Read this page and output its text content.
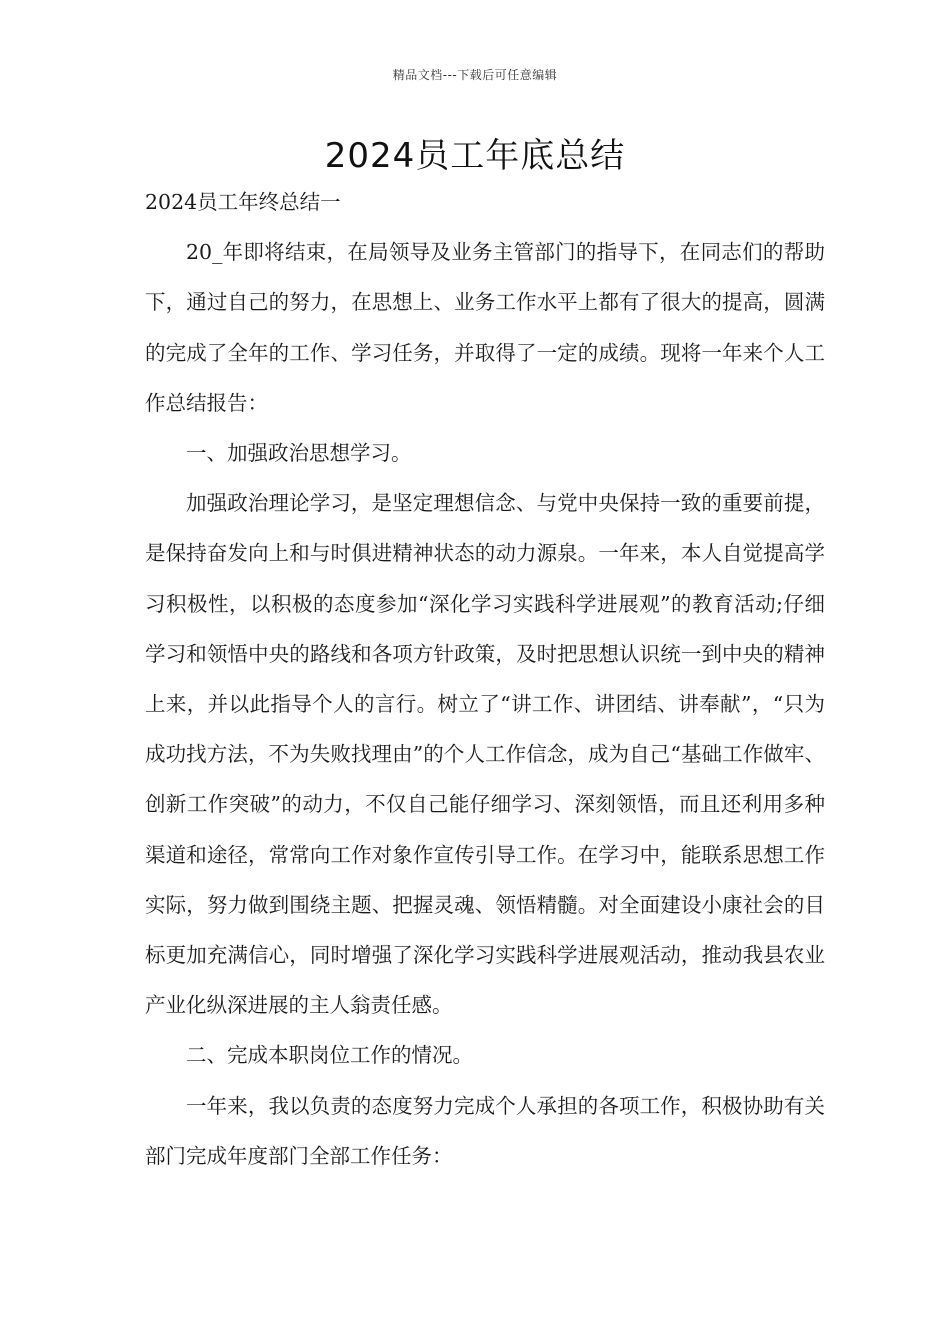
精品文档---下载后可任意编辑
2024员工年底总结

2024员工年终总结一

20_年即将结束，在局领导及业务主管部门的指导下，在同志们的帮助下，通过自己的努力，在思想上、业务工作水平上都有了很大的提高，圆满的完成了全年的工作、学习任务，并取得了一定的成绩。现将一年来个人工作总结报告：

一、加强政治思想学习。

加强政治理论学习，是坚定理想信念、与党中央保持一致的重要前提，是保持奋发向上和与时俱进精神状态的动力源泉。一年来，本人自觉提高学习积极性，以积极的态度参加“深化学习实践科学进展观”的教育活动;仔细学习和领悟中央的路线和各项方针政策，及时把思想认识统一到中央的精神上来，并以此指导个人的言行。树立了“讲工作、讲团结、讲奉献”，“只为成功找方法，不为失败找理由”的个人工作信念，成为自己“基础工作做牢、创新工作突破”的动力，不仅自己能仔细学习、深刻领悟，而且还利用多种渠道和途径，常常向工作对象作宣传引导工作。在学习中，能联系思想工作实际，努力做到围绕主题、把握灵魂、领悟精髓。对全面建设小康社会的目标更加充满信心，同时增强了深化学习实践科学进展观活动，推动我县农业产业化纵深进展的主人翁责任感。

二、完成本职岗位工作的情况。

一年来，我以负责的态度努力完成个人承担的各项工作，积极协助有关部门完成年度部门全部工作任务：
